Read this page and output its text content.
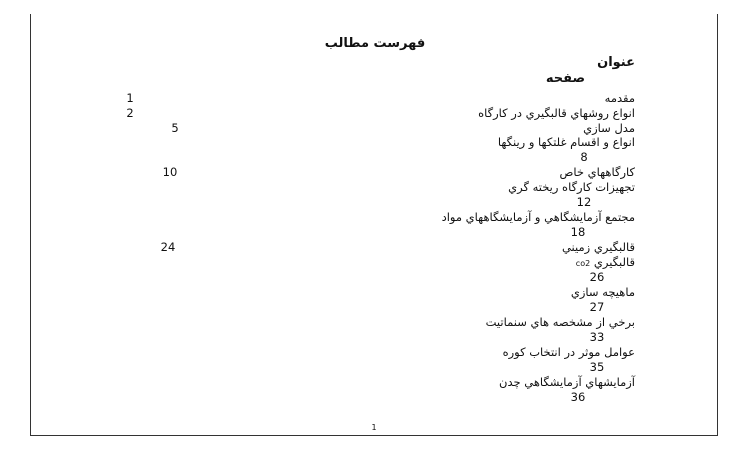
فهرست مطالب
عنوان
صفحه
مقدمه
1
انواع روشهاي قالبگيري در كارگاه
2
مدل سازي
5
انواع و اقسام غلتكها و رينگها
8
كارگاههاي خاص
10
تجهيزات كارگاه ريخته گري
12
مجتمع آزمايشگاهي و آزمايشگاههاي مواد
18
قالبگيري زميني
24
قالبگيري co2
26
ماهيچه سازي
27
برخي از مشخصه هاي سنماتيت
33
عوامل موثر در انتخاب كوره
35
آزمايشهاي آزمايشگاهي چدن
36
1
